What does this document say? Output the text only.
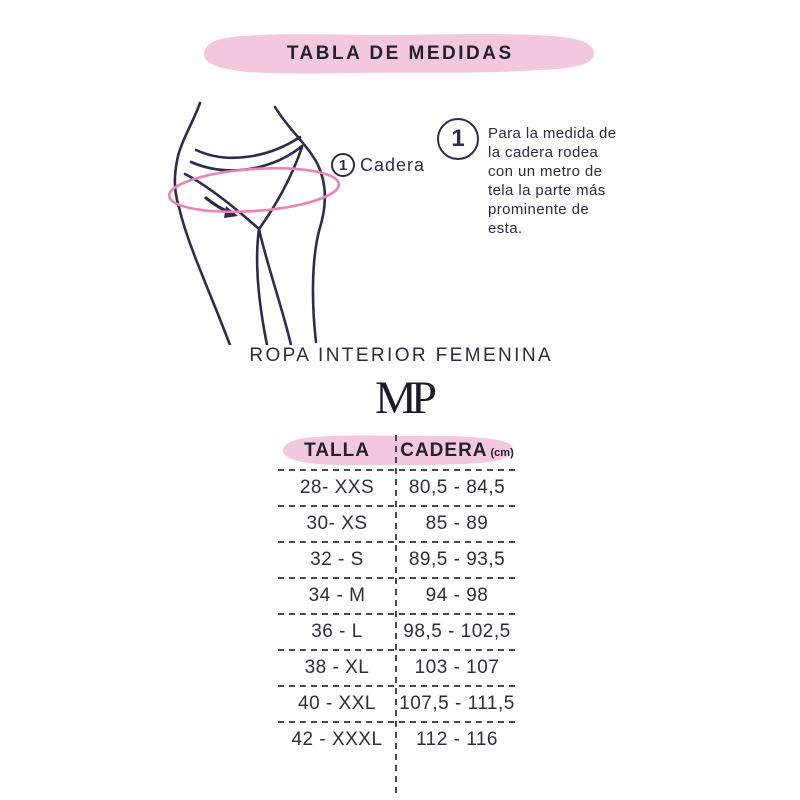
TABLA DE MEDIDAS
1 Cadera
1	Para la medida de la cadera rodea con un metro de tela la parte más prominente de esta.

ROPA INTERIOR FEMENINA
MP
TALLA	CADERA (cm)
28- XXS	80,5 - 84,5
30- XS	85 - 89
32 - S	89,5 - 93,5
34 - M	94 - 98
36 - L	98,5 - 102,5
38 - XL	103 - 107
40 - XXL	107,5 - 111,5
42 - XXXL	112 - 116
